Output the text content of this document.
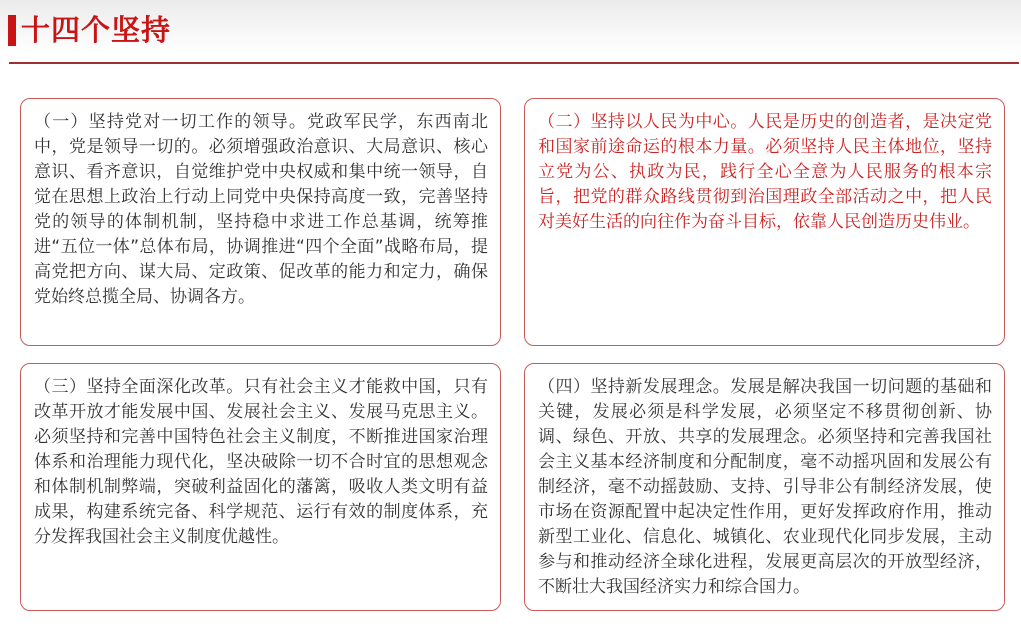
十四个坚持
（一）坚持党对一切工作的领导。党政军民学，东西南北中，党是领导一切的。必须增强政治意识、大局意识、核心意识、看齐意识，自觉维护党中央权威和集中统一领导，自觉在思想上政治上行动上同党中央保持高度一致，完善坚持党的领导的体制机制，坚持稳中求进工作总基调，统筹推进“五位一体”总体布局，协调推进“四个全面”战略布局，提高党把方向、谋大局、定政策、促改革的能力和定力，确保党始终总揽全局、协调各方。
（二）坚持以人民为中心。人民是历史的创造者，是决定党和国家前途命运的根本力量。必须坚持人民主体地位，坚持立党为公、执政为民，践行全心全意为人民服务的根本宗旨，把党的群众路线贯彻到治国理政全部活动之中，把人民对美好生活的向往作为奋斗目标，依靠人民创造历史伟业。
（三）坚持全面深化改革。只有社会主义才能救中国，只有改革开放才能发展中国、发展社会主义、发展马克思主义。必须坚持和完善中国特色社会主义制度，不断推进国家治理体系和治理能力现代化，坚决破除一切不合时宜的思想观念和体制机制弊端，突破利益固化的藩篱，吸收人类文明有益成果，构建系统完备、科学规范、运行有效的制度体系，充分发挥我国社会主义制度优越性。
（四）坚持新发展理念。发展是解决我国一切问题的基础和关键，发展必须是科学发展，必须坚定不移贯彻创新、协调、绿色、开放、共享的发展理念。必须坚持和完善我国社会主义基本经济制度和分配制度，毫不动摇巩固和发展公有制经济，毫不动摇鼓励、支持、引导非公有制经济发展，使市场在资源配置中起决定性作用，更好发挥政府作用，推动新型工业化、信息化、城镇化、农业现代化同步发展，主动参与和推动经济全球化进程，发展更高层次的开放型经济，不断壮大我国经济实力和综合国力。
